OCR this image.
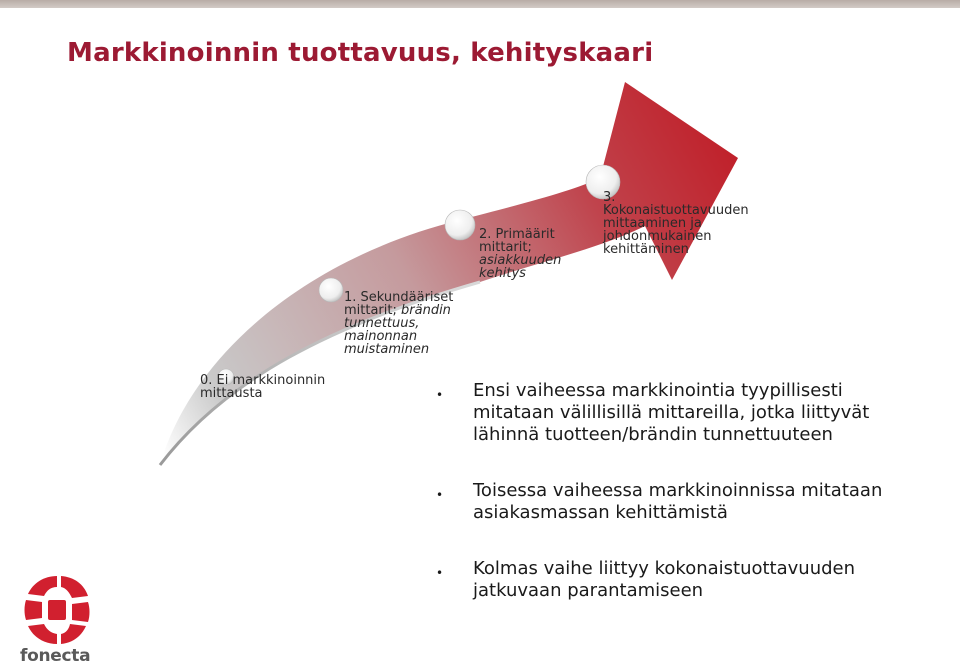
Markkinoinnin tuottavuus, kehityskaari
0. Ei markkinoinnin
mittausta
1. Sekundääriset
mittarit; brändin
tunnettuus,
mainonnan
muistaminen
2. Primäärit
mittarit;
asiakkuuden
kehitys
3.
Kokonaistuottavuuden
mittaaminen ja
johdonmukainen
kehittäminen
• Ensi vaiheessa markkinointia tyypillisesti
mitataan välillisillä mittareilla, jotka liittyvät
lähinnä tuotteen/brändin tunnettuuteen
• Toisessa vaiheessa markkinoinnissa mitataan
asiakasmassan kehittämistä
• Kolmas vaihe liittyy kokonaistuottavuuden
jatkuvaan parantamiseen
fonecta
